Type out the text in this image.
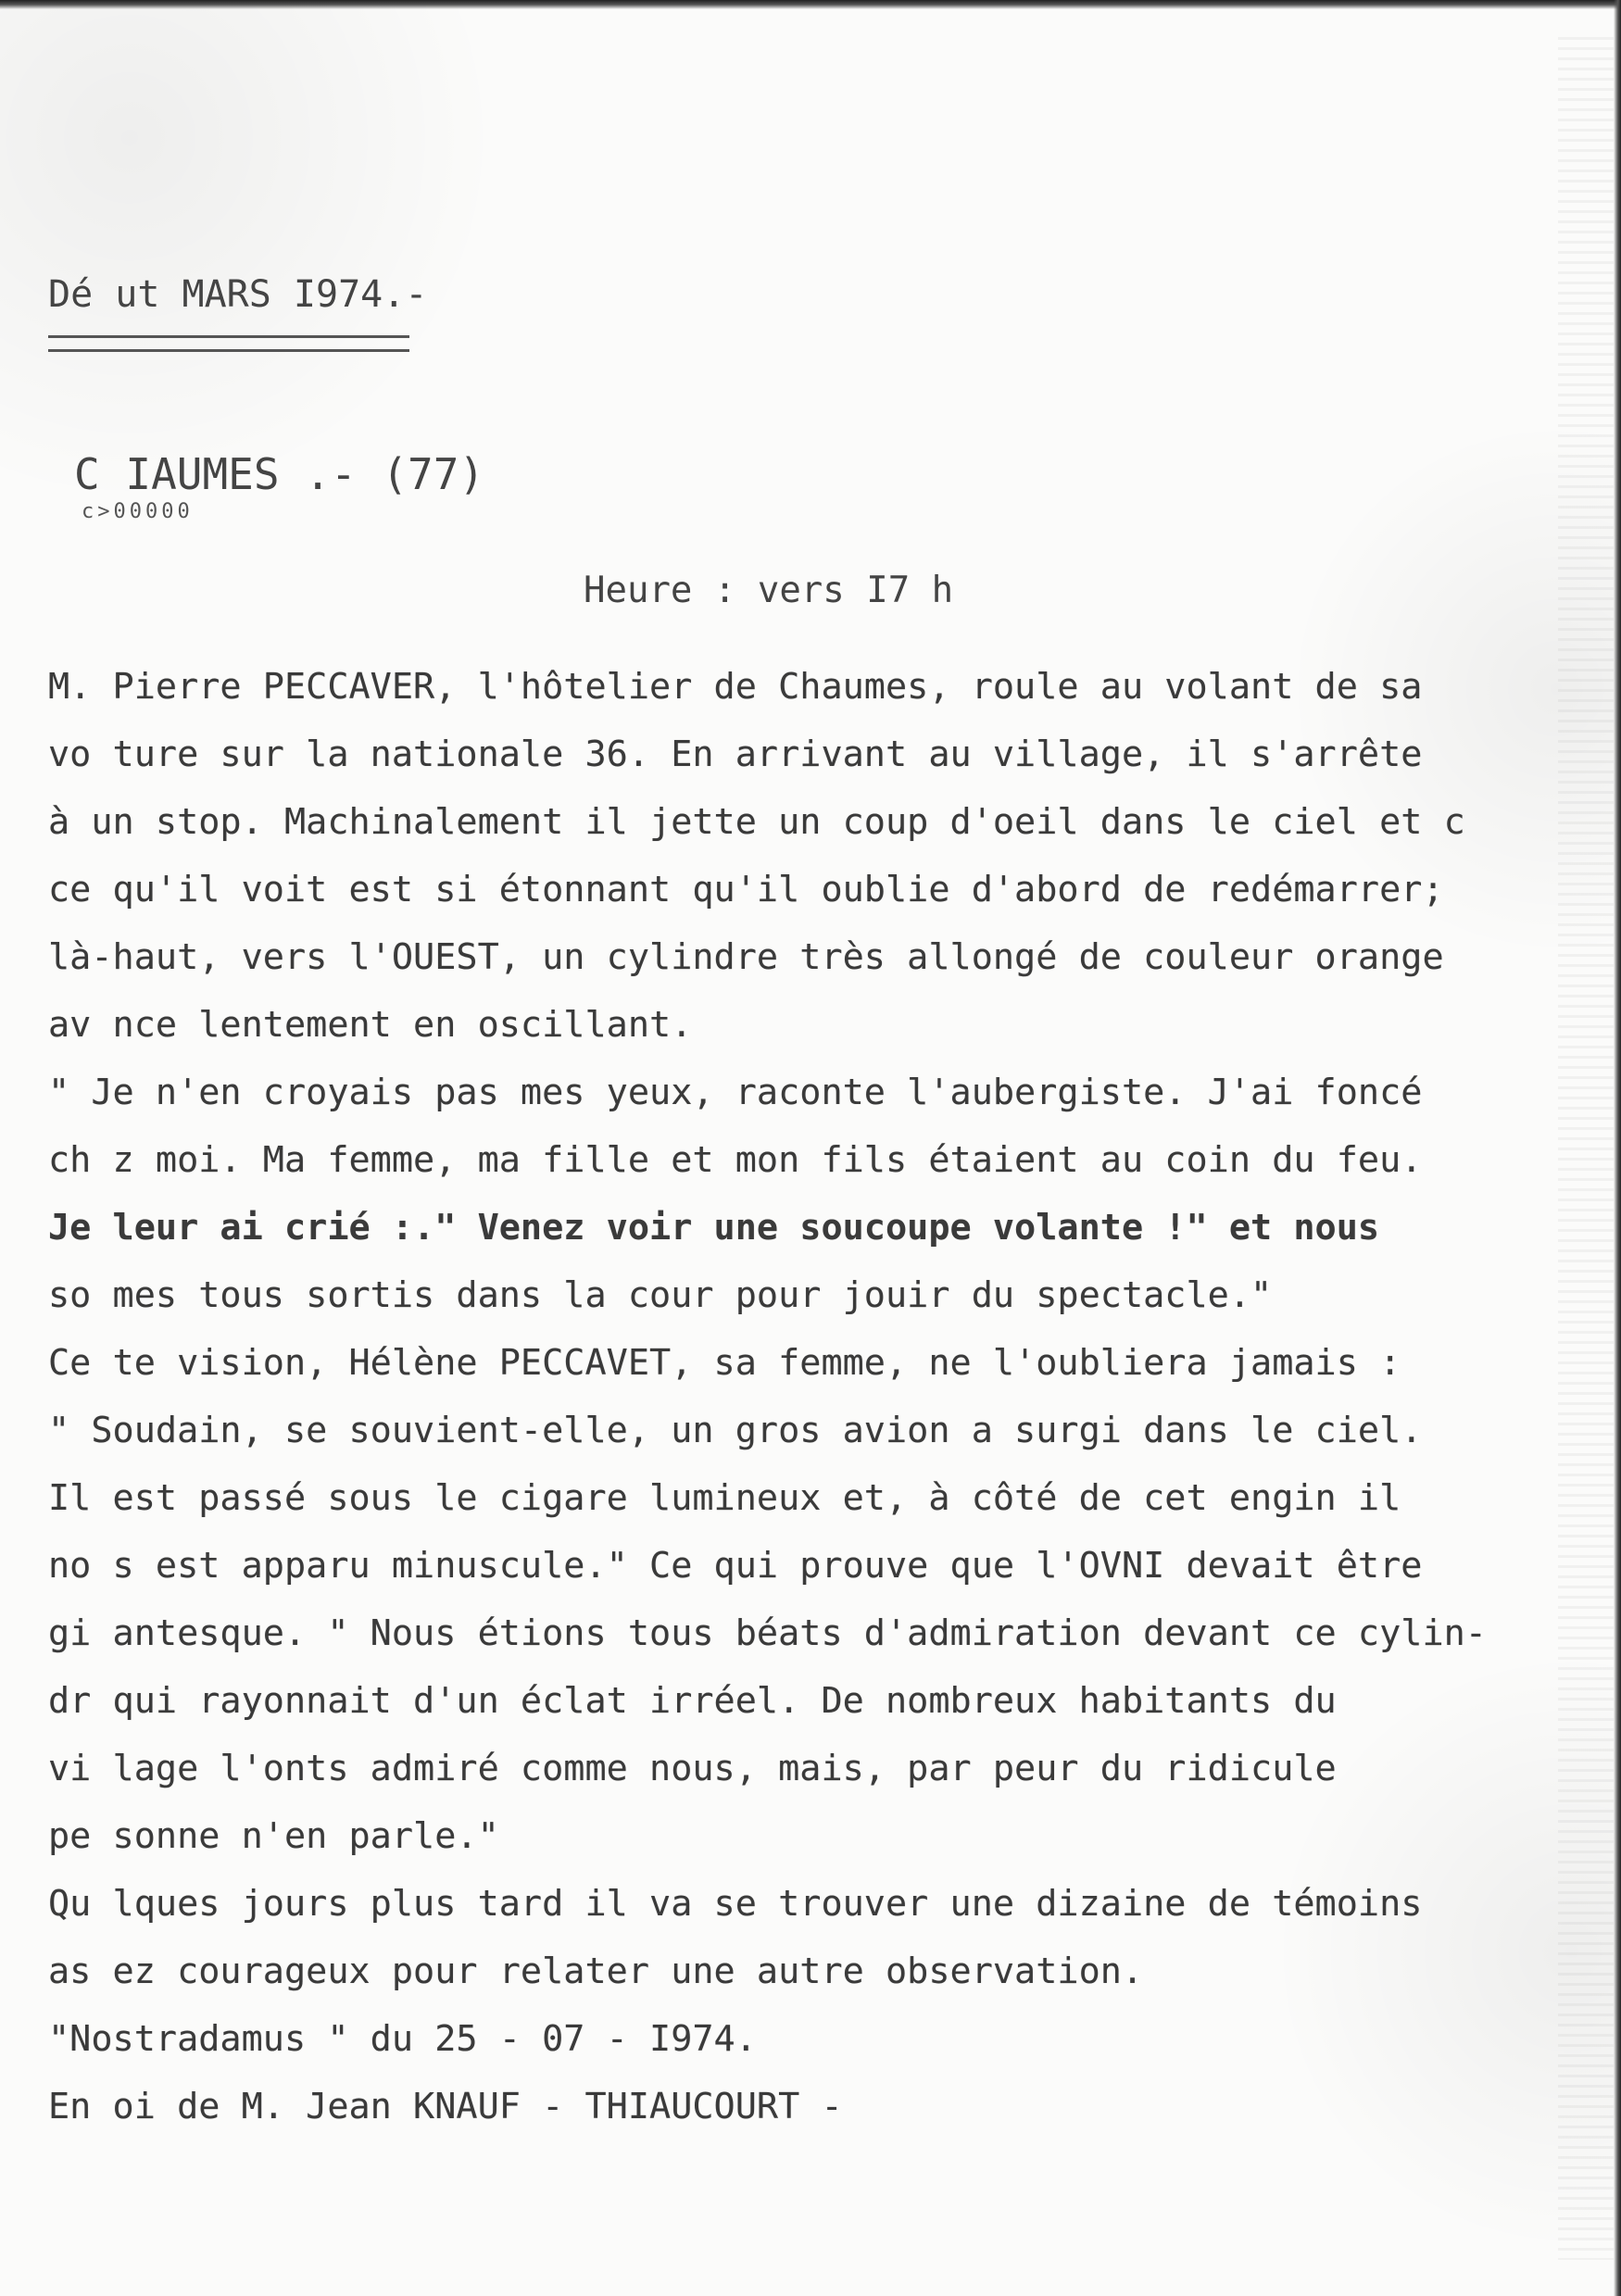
Dé ut MARS I974.-
C IAUMES .- (77)
c>00000
Heure : vers I7 h
M. Pierre PECCAVER, l'hôtelier de Chaumes, roule au volant de sa
vo ture sur la nationale 36. En arrivant au village, il s'arrête
à un stop. Machinalement il jette un coup d'oeil dans le ciel et c
ce qu'il voit est si étonnant qu'il oublie d'abord de redémarrer;
là-haut, vers l'OUEST, un cylindre très allongé de couleur orange
av nce lentement en oscillant.
" Je n'en croyais pas mes yeux, raconte l'aubergiste. J'ai foncé
ch z moi. Ma femme, ma fille et mon fils étaient au coin du feu.
Je leur ai crié :." Venez voir une soucoupe volante !" et nous
so mes tous sortis dans la cour pour jouir du spectacle."
Ce te vision, Hélène PECCAVET, sa femme, ne l'oubliera jamais :
" Soudain, se souvient-elle, un gros avion a surgi dans le ciel.
Il est passé sous le cigare lumineux et, à côté de cet engin il
no s est apparu minuscule." Ce qui prouve que l'OVNI devait être
gi antesque. " Nous étions tous béats d'admiration devant ce cylin-
dr qui rayonnait d'un éclat irréel. De nombreux habitants du
vi lage l'onts admiré comme nous, mais, par peur du ridicule
pe sonne n'en parle."
Qu lques jours plus tard il va se trouver une dizaine de témoins
as ez courageux pour relater une autre observation.
"Nostradamus " du 25 - 07 - I974.
En oi de M. Jean KNAUF - THIAUCOURT -
